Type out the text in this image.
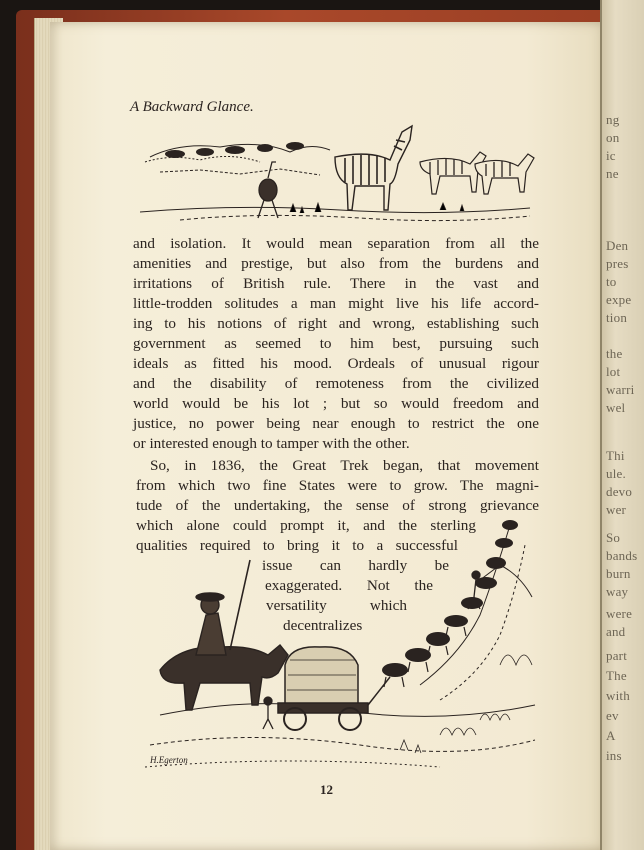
ng
on
ic
ne
Den
pres
to
expe
tion
the
lot
warri
wel
Thi
ule.
devo
wer
So
bands
burn
way
were
and
part
The
with
ev
A
ins
A Backward Glance.
and isolation. It would mean separation from all the
amenities and prestige, but also from the burdens and
irritations of British rule. There in the vast and
little-trodden solitudes a man might live his life accord-
ing to his notions of right and wrong, establishing such
government as seemed to him best, pursuing such
ideals as fitted his mood. Ordeals of unusual rigour
and the disability of remoteness from the civilized
world would be his lot ; but so would freedom and
justice, no power being near enough to restrict the one
or interested enough to tamper with the other.
So, in 1836, the Great Trek began, that movement
from which two fine States were to grow. The magni-
tude of the undertaking, the sense of strong grievance
which alone could prompt it, and the sterling
qualities required to bring it to a successful
issue can hardly be
exaggerated. Not the
versatility which
decentralizes
H.Egerton
12
